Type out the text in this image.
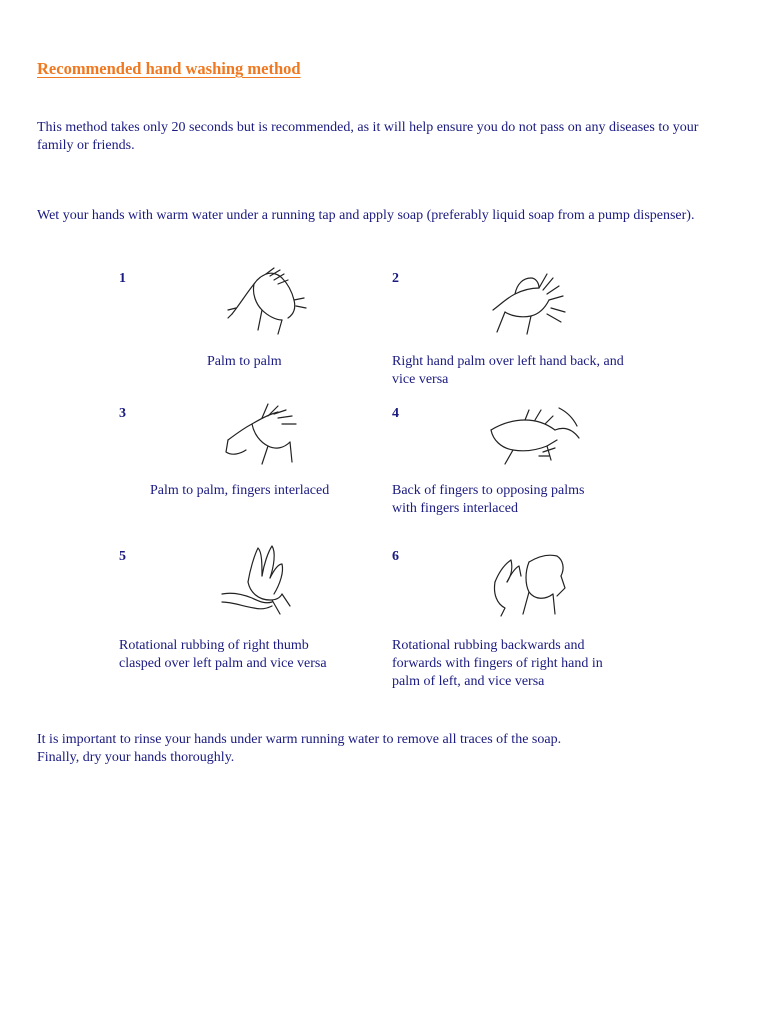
Recommended hand washing method

This method takes only 20 seconds but is recommended, as it will help ensure you do not pass on any diseases to your family or friends.

Wet your hands with warm water under a running tap and apply soap (preferably liquid soap from a pump dispenser).

1
Palm to palm
2
Right hand palm over left hand back, and
vice versa
3
Palm to palm, fingers interlaced
4
Back of fingers to opposing palms
with fingers interlaced
5
Rotational rubbing of right thumb
clasped over left palm and vice versa
6
Rotational rubbing backwards and
forwards with fingers of right hand in
palm of left, and vice versa
It is important to rinse your hands under warm running water to remove all traces of the soap.
Finally, dry your hands thoroughly.
